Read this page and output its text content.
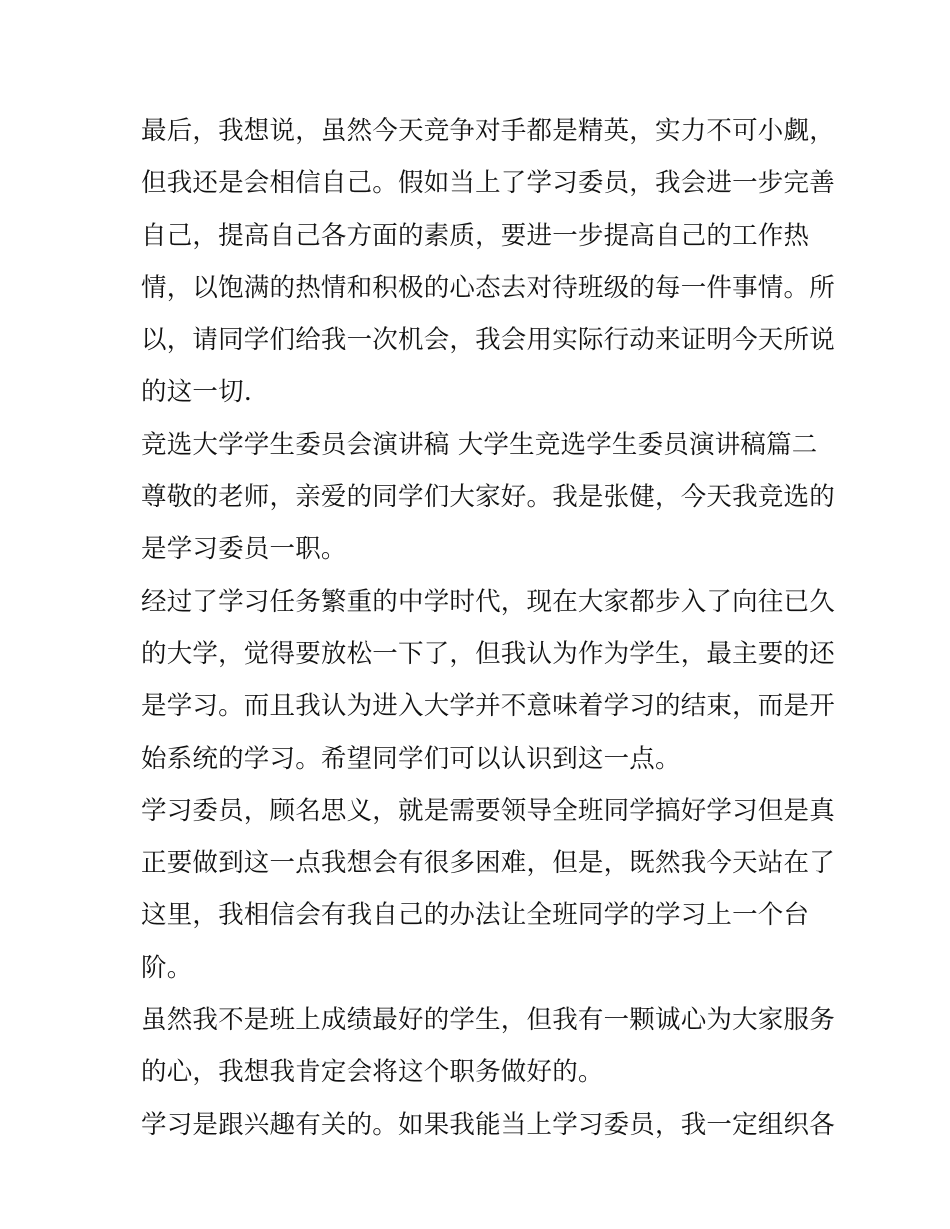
最后，我想说，虽然今天竞争对手都是精英，实力不可小觑，
但我还是会相信自己。假如当上了学习委员，我会进一步完善
自己，提高自己各方面的素质，要进一步提高自己的工作热
情，以饱满的热情和积极的心态去对待班级的每一件事情。所
以，请同学们给我一次机会，我会用实际行动来证明今天所说
的这一切.
竞选大学学生委员会演讲稿 大学生竞选学生委员演讲稿篇二
尊敬的老师，亲爱的同学们大家好。我是张健，今天我竞选的
是学习委员一职。
经过了学习任务繁重的中学时代，现在大家都步入了向往已久
的大学，觉得要放松一下了，但我认为作为学生，最主要的还
是学习。而且我认为进入大学并不意味着学习的结束，而是开
始系统的学习。希望同学们可以认识到这一点。
学习委员，顾名思义，就是需要领导全班同学搞好学习但是真
正要做到这一点我想会有很多困难，但是，既然我今天站在了
这里，我相信会有我自己的办法让全班同学的学习上一个台
阶。
虽然我不是班上成绩最好的学生，但我有一颗诚心为大家服务
的心，我想我肯定会将这个职务做好的。
学习是跟兴趣有关的。如果我能当上学习委员，我一定组织各
